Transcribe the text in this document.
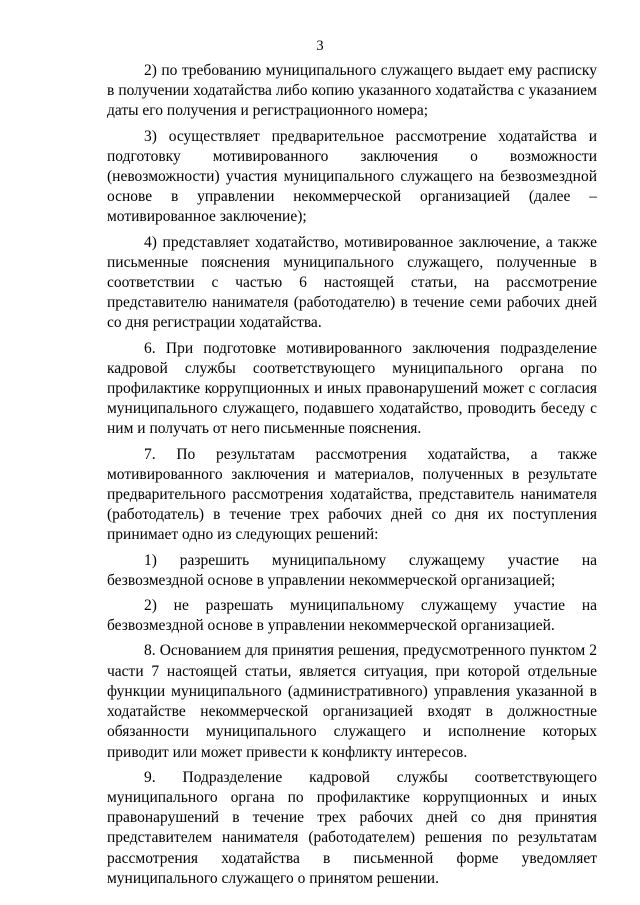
3

2) по требованию муниципального служащего выдает ему расписку в получении ходатайства либо копию указанного ходатайства с указанием даты его получения и регистрационного номера;

3) осуществляет предварительное рассмотрение ходатайства и подготовку мотивированного заключения о возможности (невозможности) участия муниципального служащего на безвозмездной основе в управлении некоммерческой организацией (далее – мотивированное заключение);

4) представляет ходатайство, мотивированное заключение, а также письменные пояснения муниципального служащего, полученные в соответствии с частью 6 настоящей статьи, на рассмотрение представителю нанимателя (работодателю) в течение семи рабочих дней со дня регистрации ходатайства.

6. При подготовке мотивированного заключения подразделение кадровой службы соответствующего муниципального органа по профилактике коррупционных и иных правонарушений может с согласия муниципального служащего, подавшего ходатайство, проводить беседу с ним и получать от него письменные пояснения.

7. По результатам рассмотрения ходатайства, а также мотивированного заключения и материалов, полученных в результате предварительного рассмотрения ходатайства, представитель нанимателя (работодатель) в течение трех рабочих дней со дня их поступления принимает одно из следующих решений:

1) разрешить муниципальному служащему участие на безвозмездной основе в управлении некоммерческой организацией;

2) не разрешать муниципальному служащему участие на безвозмездной основе в управлении некоммерческой организацией.

8. Основанием для принятия решения, предусмотренного пунктом 2 части 7 настоящей статьи, является ситуация, при которой отдельные функции муниципального (административного) управления указанной в ходатайстве некоммерческой организацией входят в должностные обязанности муниципального служащего и исполнение которых приводит или может привести к конфликту интересов.

9. Подразделение кадровой службы соответствующего муниципального органа по профилактике коррупционных и иных правонарушений в течение трех рабочих дней со дня принятия представителем нанимателя (работодателем) решения по результатам рассмотрения ходатайства в письменной форме уведомляет муниципального служащего о принятом решении.
